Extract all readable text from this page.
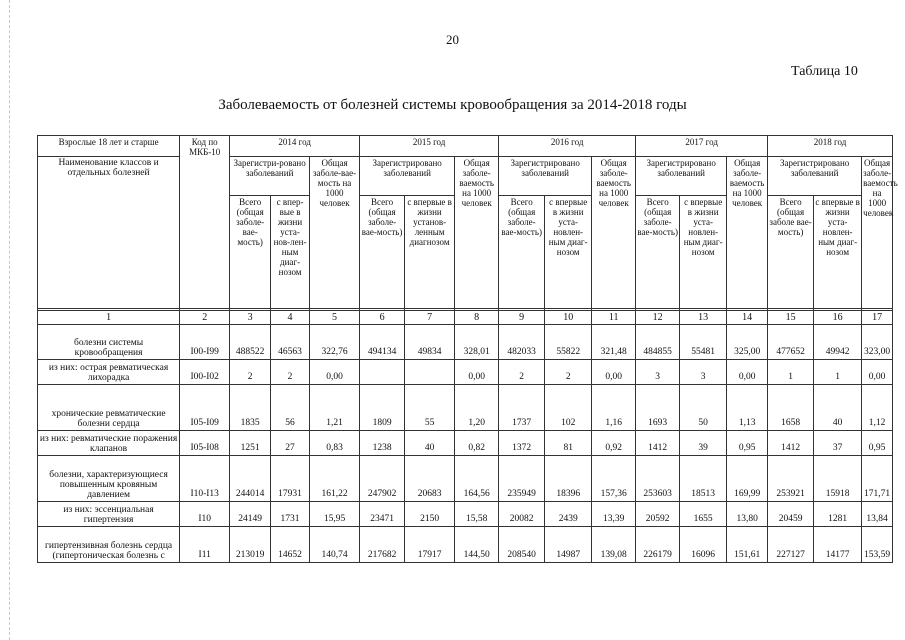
20
Таблица 10
Заболеваемость от болезней системы кровообращения за 2014-2018 годы
Взрослые 18 лет и старше	Код по МКБ-10	2014 год			2015 год			2016 год			2017 год			2018 год		
Наименование классов и отдельных болезней		Зарегистри-ровано заболеваний		Общая заболе-вае-мость на 1000 человек	Зарегистрировано заболеваний		Общая заболе-ваемость на 1000 человек	Зарегистрировано заболеваний		Общая заболе-ваемость на 1000 человек	Зарегистрировано заболеваний		Общая заболе-ваемость на 1000 человек	Зарегистрировано заболеваний		Общая заболе-ваемость на 1000 человек
		Всего (общая заболе-вае-мость)	с впер-вые в жизни уста-нов-лен-ным диаг-нозом		Всего (общая заболе-вае-мость)	с впервые в жизни установ-ленным диагнозом		Всего (общая заболе-вае-мость)	с впервые в жизни уста-новлен-ным диаг-нозом		Всего (общая заболе-вае-мость)	с впервые в жизни уста-новлен-ным диаг-нозом		Всего (общая заболе вае-мость)	с впервые в жизни уста-новлен-ным диаг-нозом	

1	2	3	4	5	6	7	8	9	10	11	12	13	14	15	16	17
болезни системы кровообращения	I00-I99	488522	46563	322,76	494134	49834	328,01	482033	55822	321,48	484855	55481	325,00	477652	49942	323,00
из них: острая ревматическая лихорадка	I00-I02	2	2	0,00			0,00	2	2	0,00	3	3	0,00	1	1	0,00
хронические ревматические болезни сердца	I05-I09	1835	56	1,21	1809	55	1,20	1737	102	1,16	1693	50	1,13	1658	40	1,12
из них: ревматические поражения клапанов	I05-I08	1251	27	0,83	1238	40	0,82	1372	81	0,92	1412	39	0,95	1412	37	0,95
болезни, характеризующиеся повышенным кровяным давлением	I10-I13	244014	17931	161,22	247902	20683	164,56	235949	18396	157,36	253603	18513	169,99	253921	15918	171,71
из них: эссенциальная гипертензия	I10	24149	1731	15,95	23471	2150	15,58	20082	2439	13,39	20592	1655	13,80	20459	1281	13,84
гипертензивная болезнь сердца (гипертоническая болезнь с	I11	213019	14652	140,74	217682	17917	144,50	208540	14987	139,08	226179	16096	151,61	227127	14177	153,59
